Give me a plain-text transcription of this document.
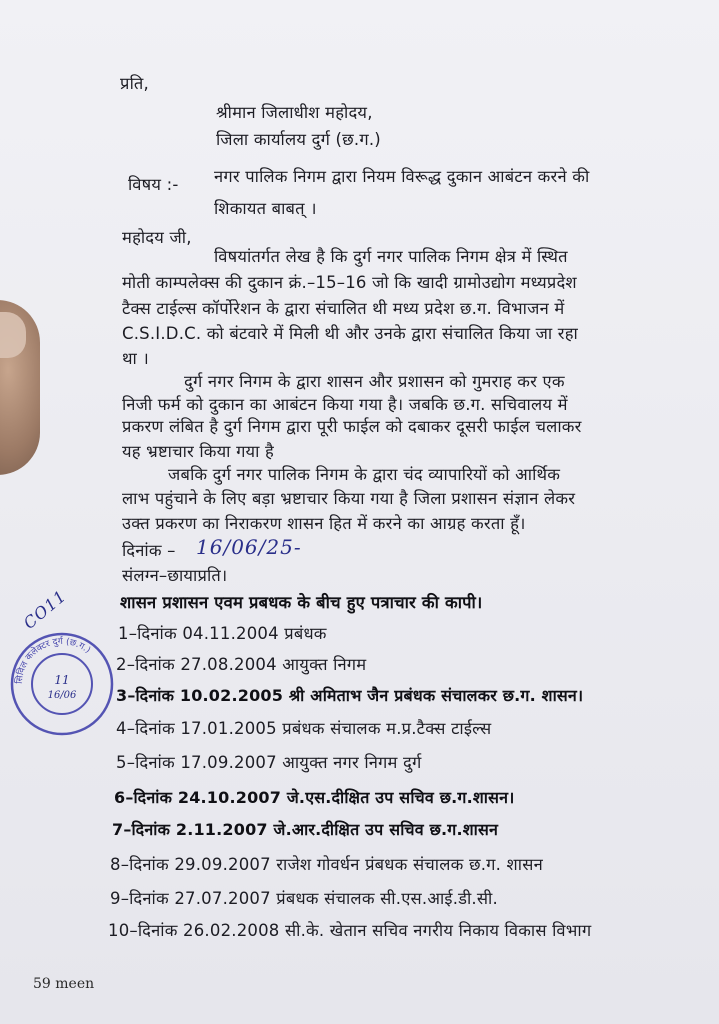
प्रति,
श्रीमान जिलाधीश महोदय,
जिला कार्यालय दुर्ग (छ.ग.)
विषय :- नगर पालिक निगम द्वारा नियम विरूद्ध दुकान आबंटन करने की
शिकायत बाबत् ।
महोदय जी,
विषयांतर्गत लेख है कि दुर्ग नगर पालिक निगम क्षेत्र में स्थित
मोती काम्पलेक्स की दुकान क्रं.–15–16 जो कि खादी ग्रामोउद्योग मध्यप्रदेश
टैक्स टाईल्स कॉर्पोरेशन के द्वारा संचालित थी मध्य प्रदेश छ.ग. विभाजन में
C.S.I.D.C. को बंटवारे में मिली थी और उनके द्वारा संचालित किया जा रहा
था ।
दुर्ग नगर निगम के द्वारा शासन और प्रशासन को गुमराह कर एक
निजी फर्म को दुकान का आबंटन किया गया है। जबकि छ.ग. सचिवालय में
प्रकरण लंबित है दुर्ग निगम द्वारा पूरी फाईल को दबाकर दूसरी फाईल चलाकर
यह भ्रष्टाचार किया गया है
जबकि दुर्ग नगर पालिक निगम के द्वारा चंद व्यापारियों को आर्थिक
लाभ पहुंचाने के लिए बड़ा भ्रष्टाचार किया गया है जिला प्रशासन संज्ञान लेकर
उक्त प्रकरण का निराकरण शासन हित में करने का आग्रह करता हूॅं।
दिनांक – 16/06/25-
संलग्न–छायाप्रति।
शासन प्रशासन एवम प्रबधक के बीच हुए पत्राचार की कापी।
1–दिनांक 04.11.2004 प्रबंधक
2–दिनांक 27.08.2004 आयुक्त निगम
3–दिनांक 10.02.2005 श्री अमिताभ जैन प्रबंधक संचालकर छ.ग. शासन।
4–दिनांक 17.01.2005 प्रबंधक संचालक म.प्र.टैक्स टाईल्स
5–दिनांक 17.09.2007 आयुक्त नगर निगम दुर्ग
6–दिनांक 24.10.2007 जे.एस.दीक्षित उप सचिव छ.ग.शासन।
7–दिनांक 2.11.2007 जे.आर.दीक्षित उप सचिव छ.ग.शासन
8–दिनांक 29.09.2007 राजेश गोवर्धन प्रंबधक संचालक छ.ग. शासन
9–दिनांक 27.07.2007 प्रंबधक संचालक सी.एस.आई.डी.सी.
10–दिनांक 26.02.2008 सी.के. खेतान सचिव नगरीय निकाय विकास विभाग
59 meen
सिविल कलेक्टर दुर्ग (छ.ग.)
11
16/06
CO11
